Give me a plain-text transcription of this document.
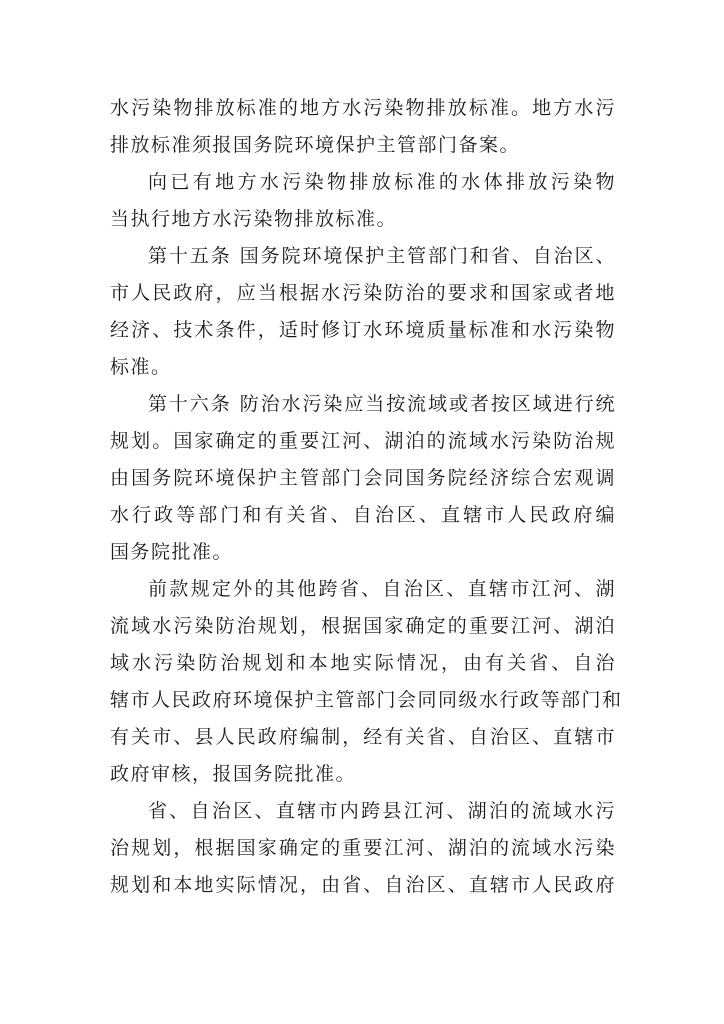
水污染物排放标准的地方水污染物排放标准。地方水污
排放标准须报国务院环境保护主管部门备案。
向已有地方水污染物排放标准的水体排放污染物
当执行地方水污染物排放标准。
第十五条 国务院环境保护主管部门和省、自治区、
市人民政府，应当根据水污染防治的要求和国家或者地
经济、技术条件，适时修订水环境质量标准和水污染物
标准。
第十六条 防治水污染应当按流域或者按区域进行统
规划。国家确定的重要江河、湖泊的流域水污染防治规
由国务院环境保护主管部门会同国务院经济综合宏观调
水行政等部门和有关省、自治区、直辖市人民政府编
国务院批准。
前款规定外的其他跨省、自治区、直辖市江河、湖
流域水污染防治规划，根据国家确定的重要江河、湖泊
域水污染防治规划和本地实际情况，由有关省、自治
辖市人民政府环境保护主管部门会同同级水行政等部门和
有关市、县人民政府编制，经有关省、自治区、直辖市
政府审核，报国务院批准。
省、自治区、直辖市内跨县江河、湖泊的流域水污
治规划，根据国家确定的重要江河、湖泊的流域水污染
规划和本地实际情况，由省、自治区、直辖市人民政府
